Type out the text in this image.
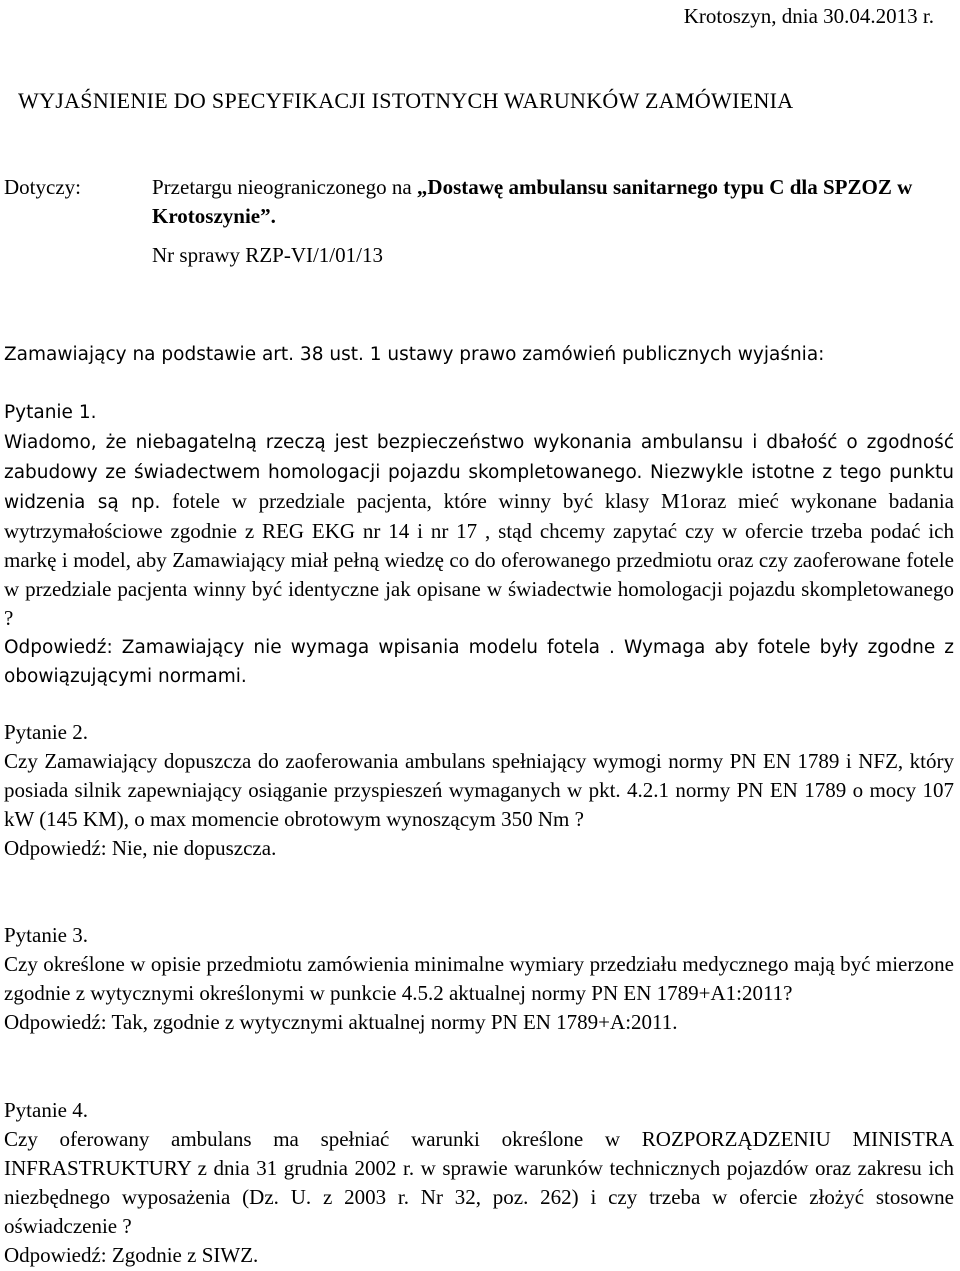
Krotoszyn, dnia 30.04.2013 r.
WYJAŚNIENIE DO SPECYFIKACJI ISTOTNYCH WARUNKÓW ZAMÓWIENIA
Dotyczy:	Przetargu nieograniczonego na „Dostawę ambulansu sanitarnego typu C dla SPZOZ w Krotoszynie”.
Nr sprawy RZP-VI/1/01/13
Zamawiający na podstawie art. 38 ust. 1 ustawy prawo zamówień publicznych wyjaśnia:

Pytanie 1.

Wiadomo, że niebagatelną rzeczą jest bezpieczeństwo wykonania ambulansu i dbałość o zgodność zabudowy ze świadectwem homologacji pojazdu skompletowanego. Niezwykle istotne z tego punktu widzenia są np. fotele w przedziale pacjenta, które winny być klasy M1oraz mieć wykonane badania wytrzymałościowe zgodnie z REG EKG nr 14 i nr 17 , stąd chcemy zapytać czy w ofercie trzeba podać ich markę i model, aby Zamawiający miał pełną wiedzę co do oferowanego przedmiotu oraz czy zaoferowane fotele w przedziale pacjenta winny być identyczne jak opisane w świadectwie homologacji pojazdu skompletowanego ?

Odpowiedź: Zamawiający nie wymaga wpisania modelu fotela . Wymaga aby fotele były zgodne z obowiązującymi normami.

Pytanie 2.

Czy Zamawiający dopuszcza do zaoferowania ambulans spełniający wymogi normy PN EN 1789 i NFZ, który posiada silnik zapewniający osiąganie przyspieszeń wymaganych w pkt. 4.2.1 normy PN EN 1789 o mocy 107 kW (145 KM), o max momencie obrotowym wynoszącym 350 Nm ?

Odpowiedź: Nie, nie dopuszcza.

Pytanie 3.

Czy określone w opisie przedmiotu zamówienia minimalne wymiary przedziału medycznego mają być mierzone zgodnie z wytycznymi określonymi w punkcie 4.5.2 aktualnej normy PN EN 1789+A1:2011?

Odpowiedź: Tak, zgodnie z wytycznymi aktualnej normy PN EN 1789+A:2011.

Pytanie 4.

Czy oferowany ambulans ma spełniać warunki określone w ROZPORZĄDZENIU MINISTRA INFRASTRUKTURY z dnia 31 grudnia 2002 r. w sprawie warunków technicznych pojazdów oraz zakresu ich niezbędnego wyposażenia (Dz. U. z 2003 r. Nr 32, poz. 262) i czy trzeba w ofercie złożyć stosowne oświadczenie ?

Odpowiedź: Zgodnie z SIWZ.
